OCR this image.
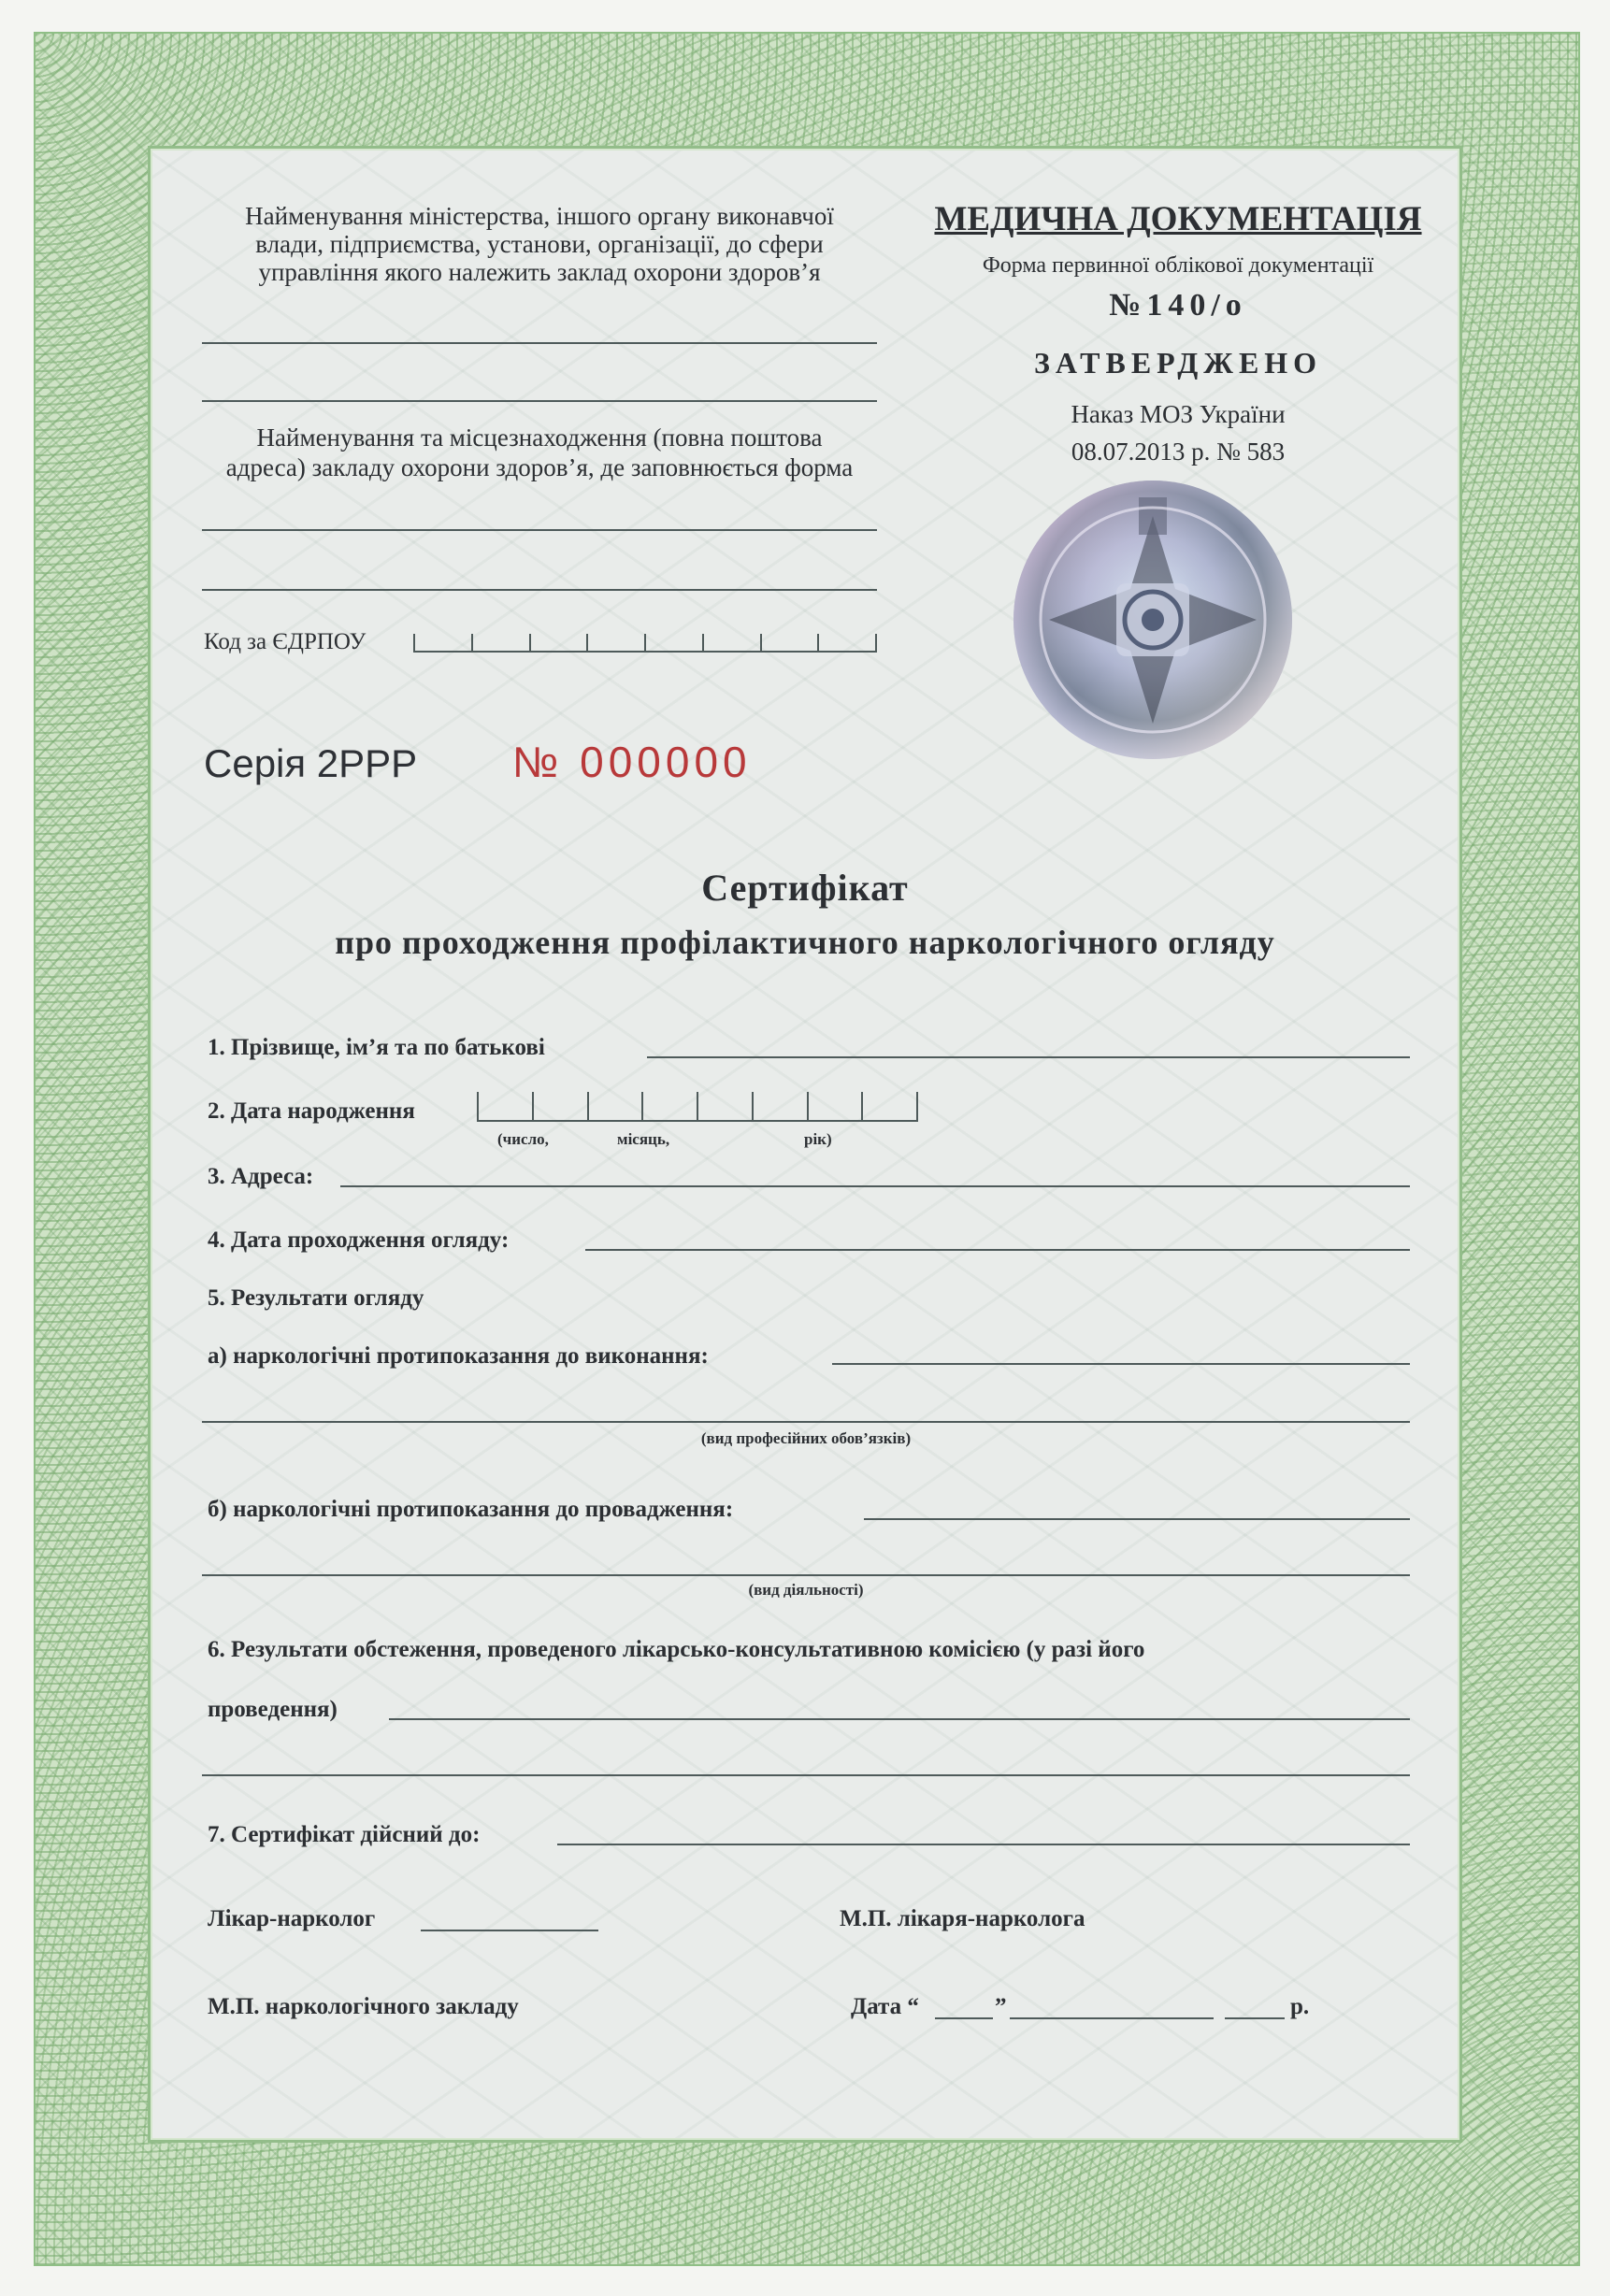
Найменування міністерства, іншого органу виконавчої
влади, підприємства, установи, організації, до сфери
управління якого належить заклад охорони здоров’я
Найменування та місцезнаходження (повна поштова
адреса) закладу охорони здоров’я, де заповнюється форма
Код за ЄДРПОУ
МЕДИЧНА ДОКУМЕНТАЦІЯ
Форма первинної облікової документації
№140/о
ЗАТВЕРДЖЕНО
Наказ МОЗ України
08.07.2013 р. № 583
Серія 2РРР № 000000
Сертифікат
про проходження профілактичного наркологічного огляду
1. Прізвище, ім’я та по батькові
2. Дата народження
(число,	місяць,	рік)
3. Адреса:
4. Дата проходження огляду:
5. Результати огляду
а) наркологічні протипоказання до виконання:
(вид професійних обов’язків)
б) наркологічні протипоказання до провадження:
(вид діяльності)
6. Результати обстеження, проведеного лікарсько-консультативною комісією (у разі його
проведення)
7. Сертифікат дійсний до:
Лікар-нарколог	М.П. лікаря-нарколога
М.П. наркологічного закладу	Дата “	”	р.
